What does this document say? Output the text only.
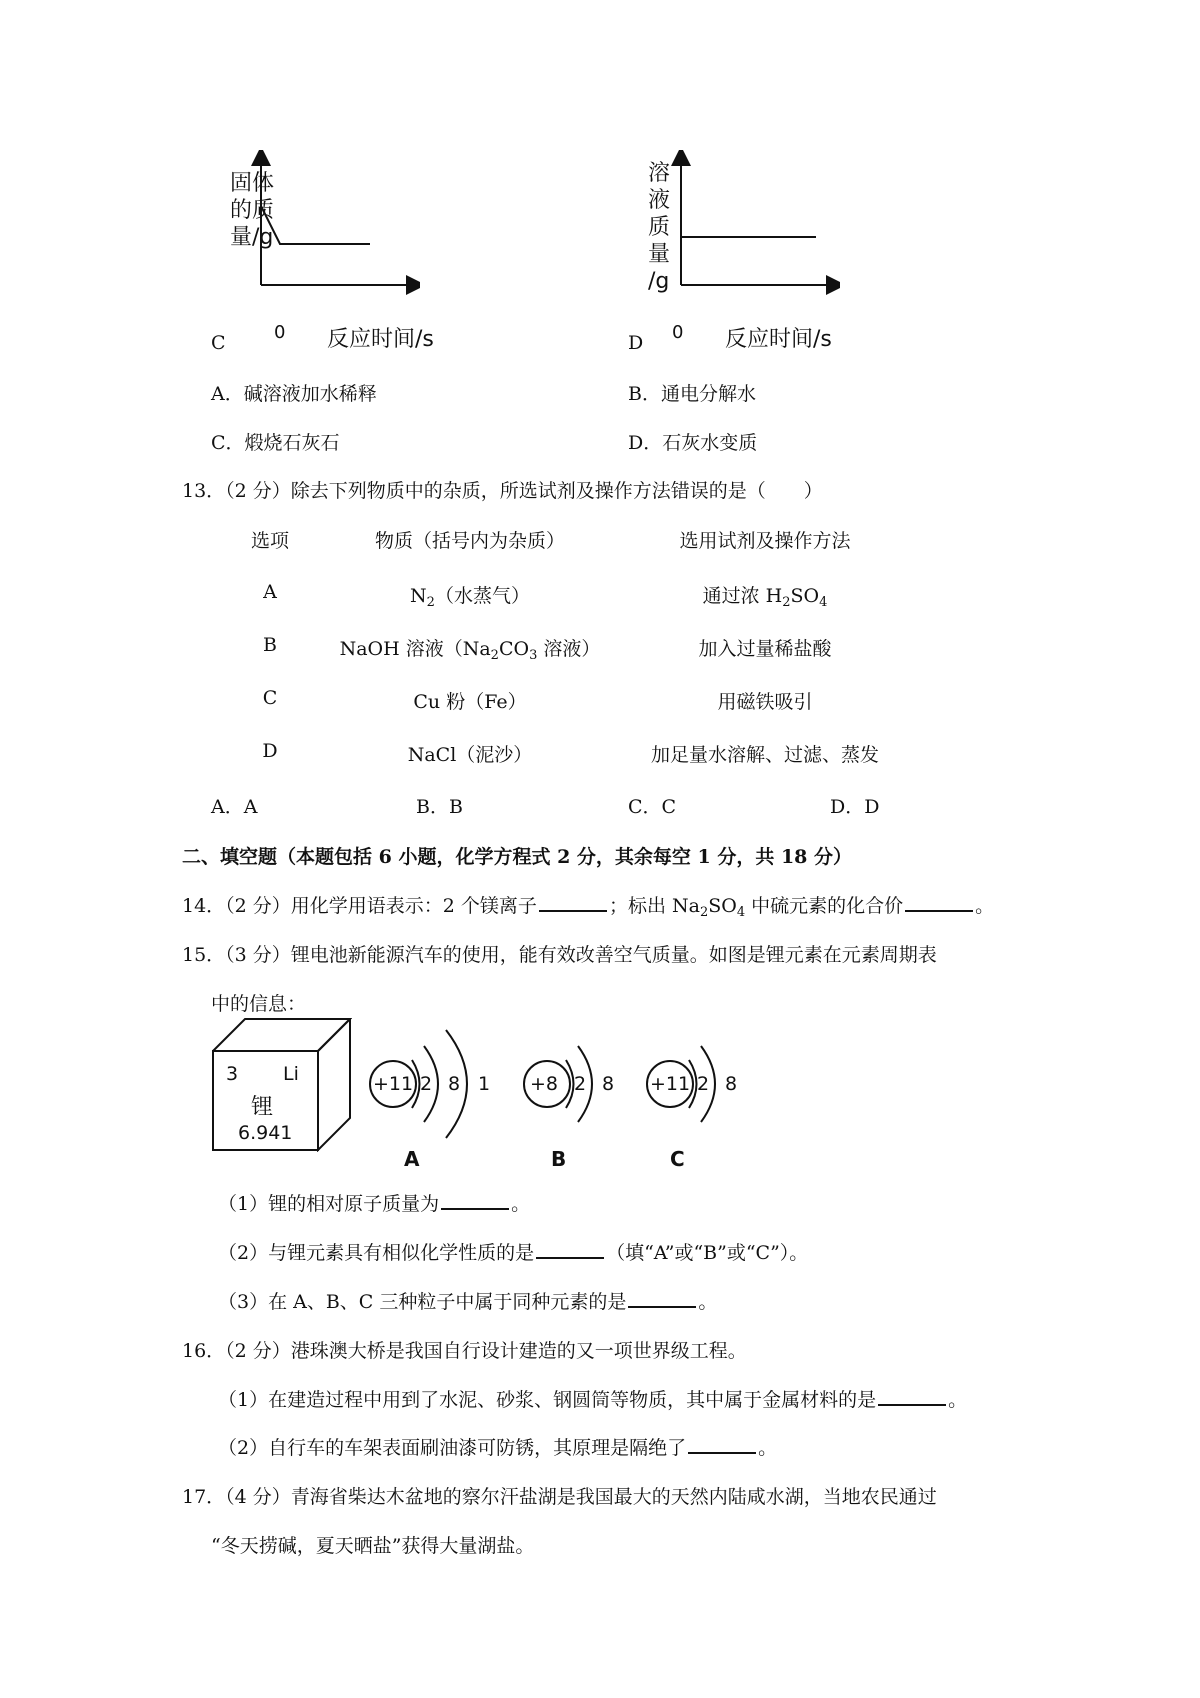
固体
的质
量/g
0 反应时间/s
C
溶
液
质
量
/g
0 反应时间/s
D
A．碱溶液加水稀释	B．通电分解水
C．煅烧石灰石	D．石灰水变质
13．（2 分）除去下列物质中的杂质，所选试剂及操作方法错误的是（　　）
选项	物质（括号内为杂质）	选用试剂及操作方法
A	$N_2$（水蒸气）	通过浓 $H_2SO_4$
B	NaOH 溶液（$Na_2CO_3$ 溶液）	加入过量稀盐酸
C	Cu 粉（Fe）	用磁铁吸引
D	NaCl（泥沙）	加足量水溶解、过滤、蒸发
A．A	B．B	C．C	D．D
二、填空题（本题包括 6 小题，化学方程式 2 分，其余每空 1 分，共 18 分）
14．（2 分）用化学用语表示：2 个镁离子	；标出 $Na_2SO_4$ 中硫元素的化合价	。
15．（3 分）锂电池新能源汽车的使用，能有效改善空气质量。如图是锂元素在元素周期表
中的信息：
3 Li
锂
6.941
+11 2 8 1
A
+8 2 8
B
+11 2 8
C
（1）锂的相对原子质量为	。
（2）与锂元素具有相似化学性质的是	（填“A”或“B”或“C”）。
（3）在 A、B、C 三种粒子中属于同种元素的是	。
16．（2 分）港珠澳大桥是我国自行设计建造的又一项世界级工程。
（1）在建造过程中用到了水泥、砂浆、钢圆筒等物质，其中属于金属材料的是	。
（2）自行车的车架表面刷油漆可防锈，其原理是隔绝了	。
17．（4 分）青海省柴达木盆地的察尔汗盐湖是我国最大的天然内陆咸水湖，当地农民通过
“冬天捞碱，夏天晒盐”获得大量湖盐。
